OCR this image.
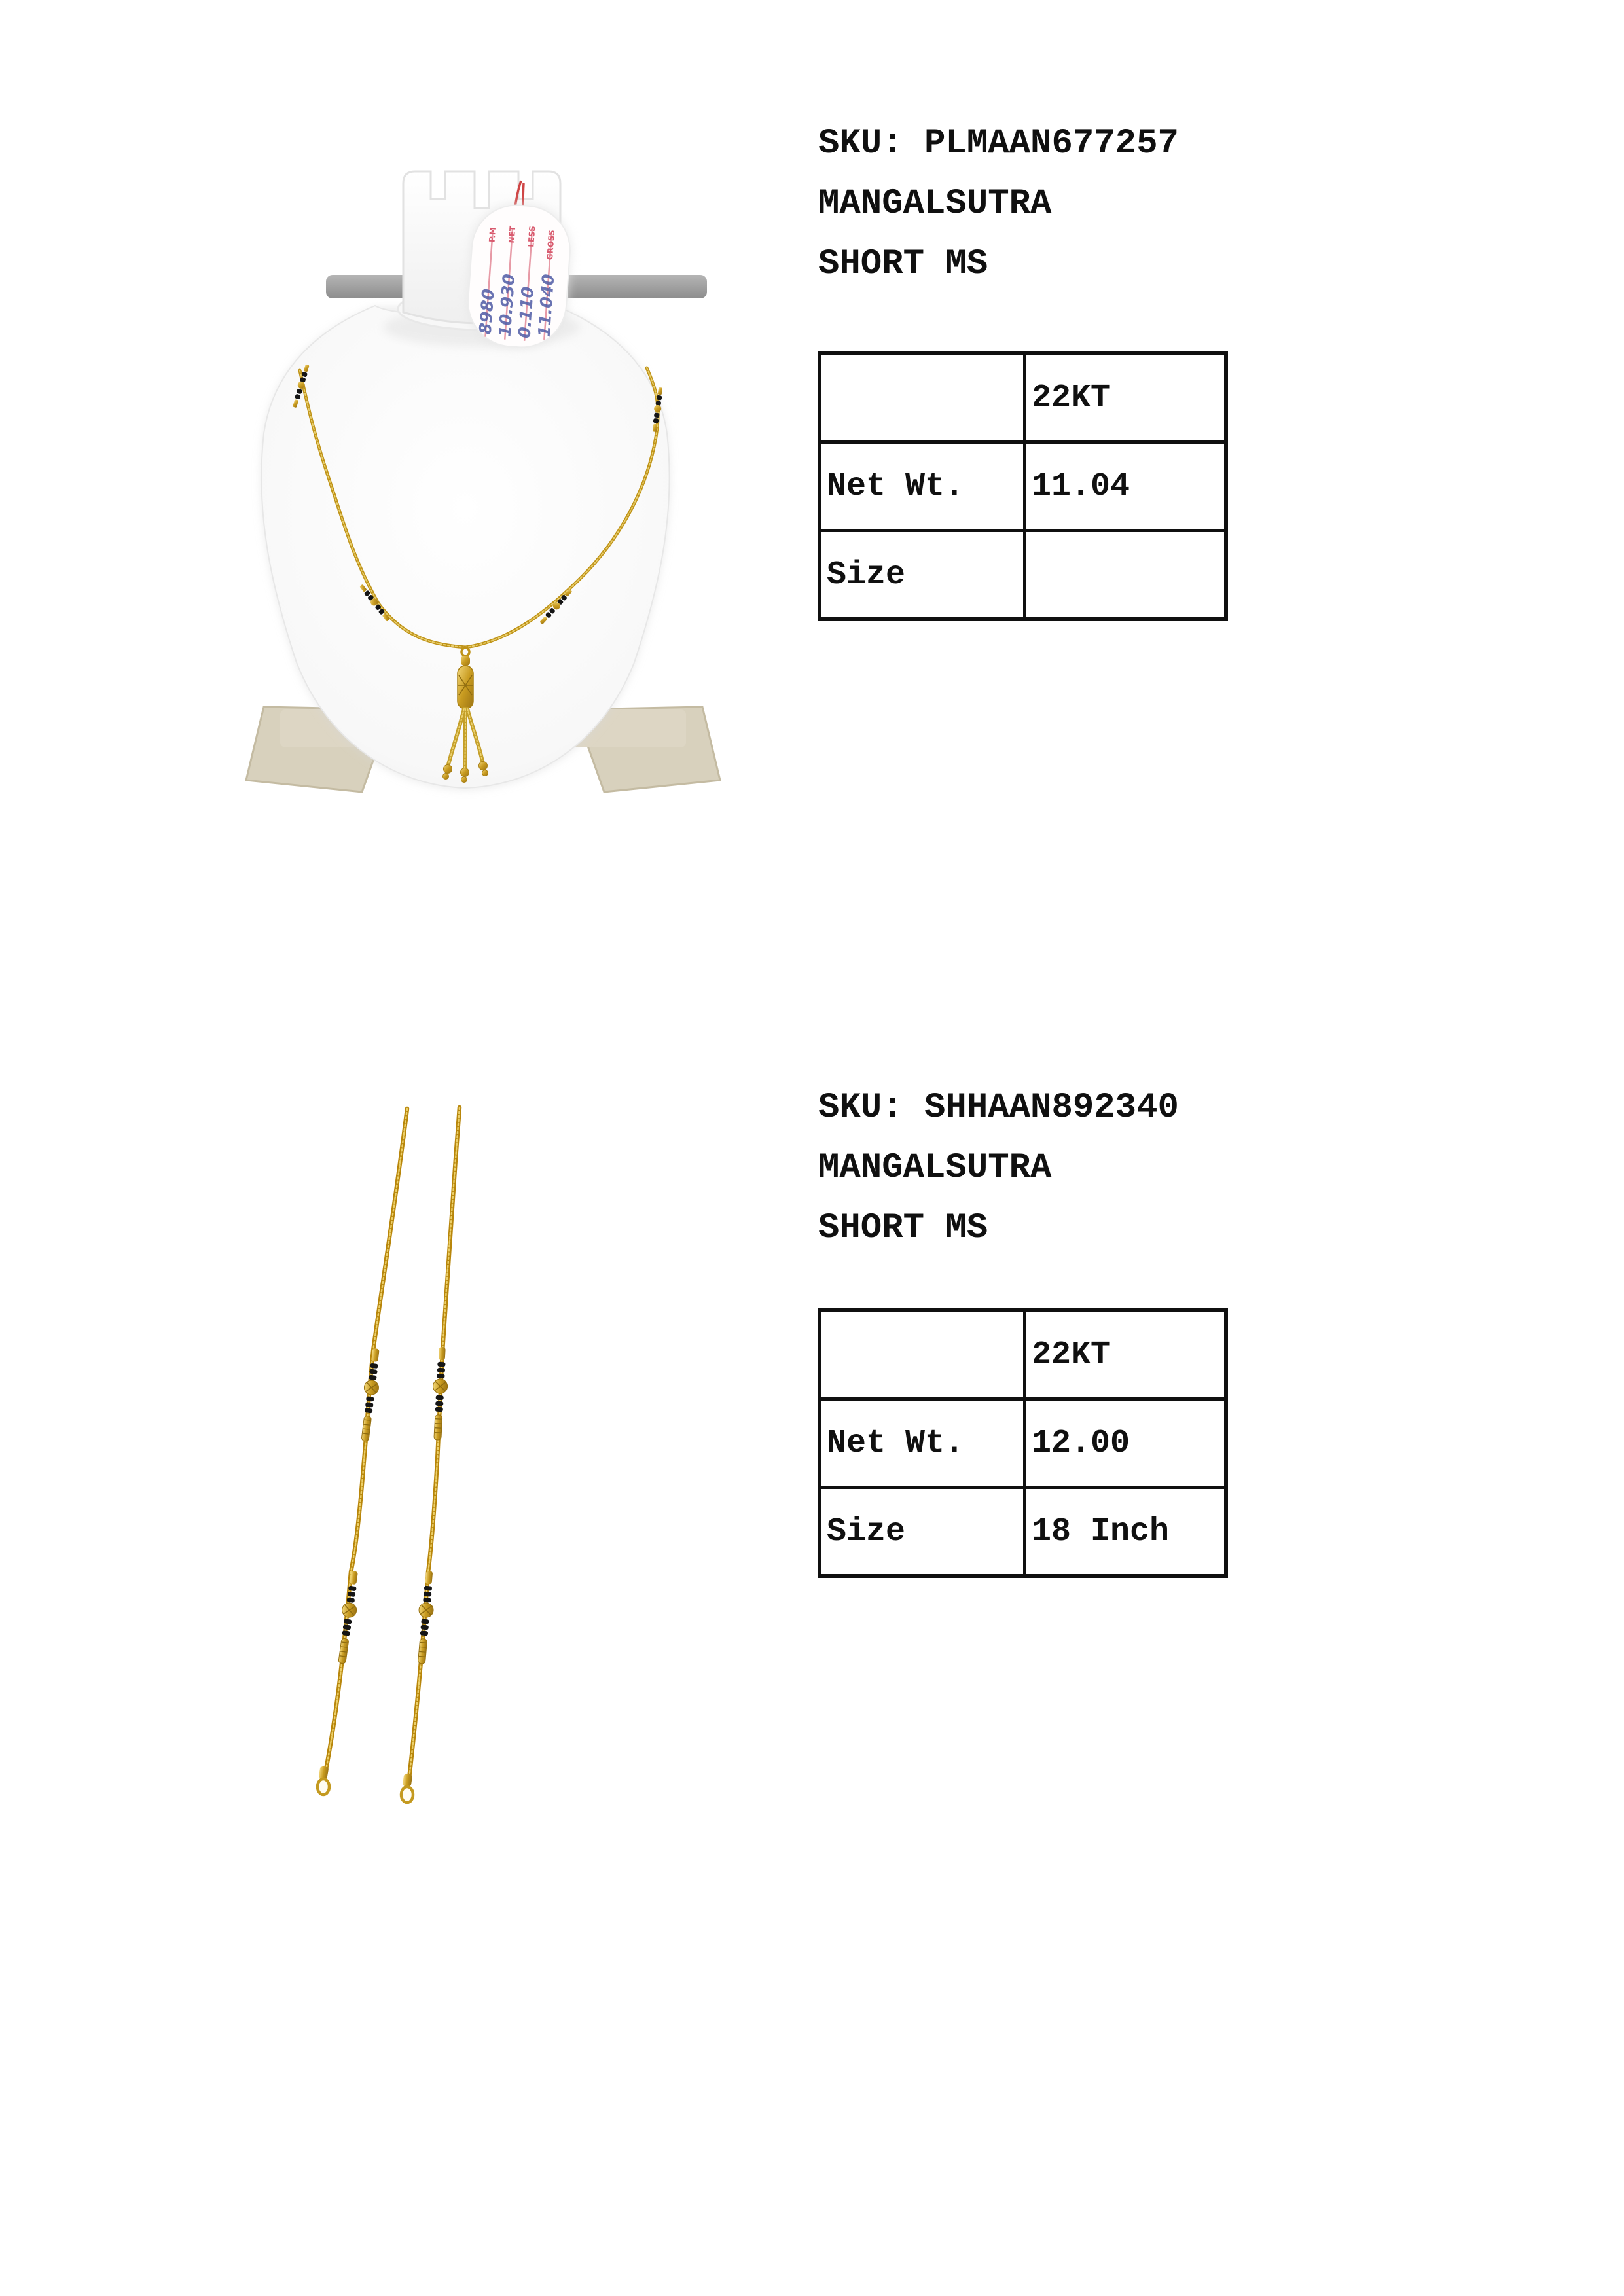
P.M NET LESS GROSS
8980
10.930
0.110
11.040
SKU: PLMAAN677257
MANGALSUTRA
SHORT MS
	22KT
Net Wt.	11.04
Size	
SKU: SHHAAN892340
MANGALSUTRA
SHORT MS
	22KT
Net Wt.	12.00
Size	18 Inch
